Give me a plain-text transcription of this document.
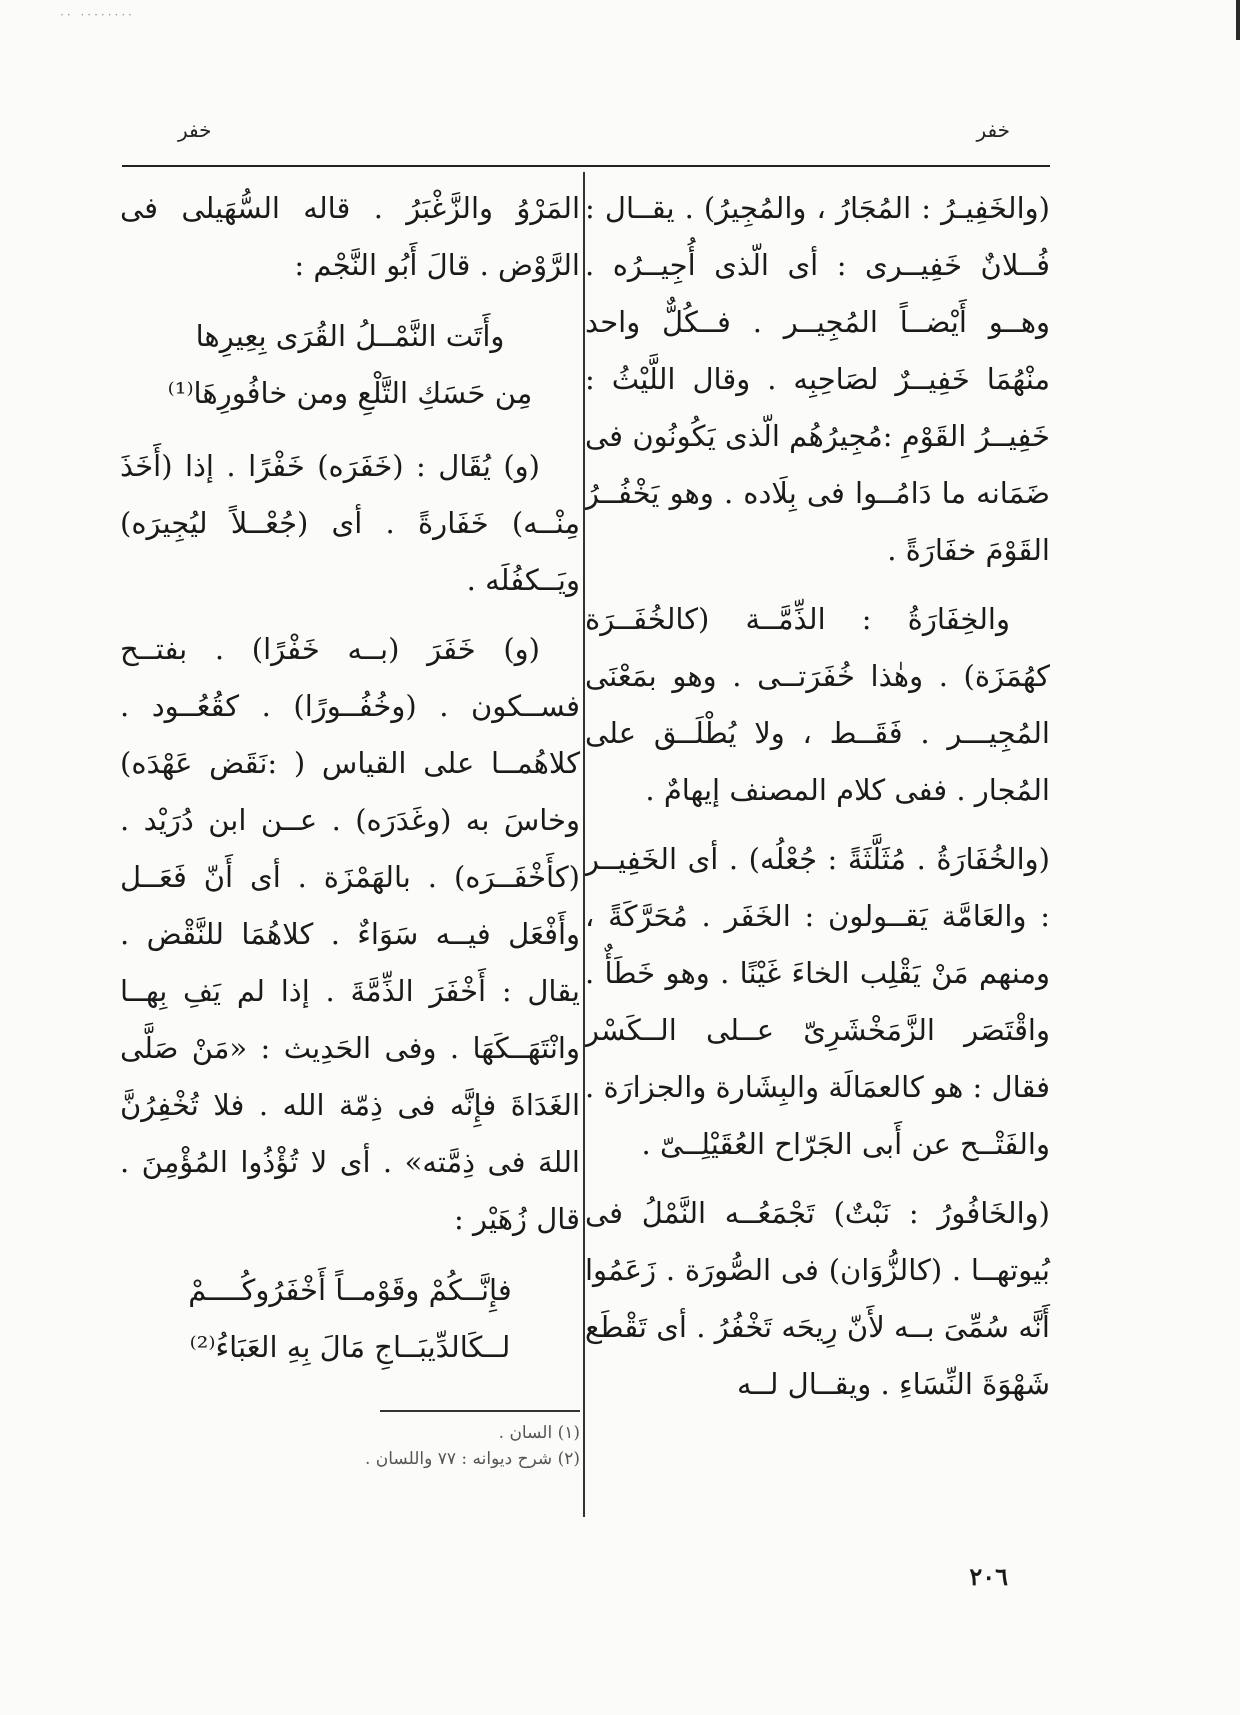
·· ········
خفر
خفر

(والخَفِيـرُ : المُجَارُ ، والمُجِيرُ) . يقــال : فُــلانٌ خَفِيــرى : أى الّذى أُجِيــرُه . وهــو أَيْضــاً المُجِيــر . فــكُلٌّ واحد منْهُمَا خَفِيــرٌ لصَاحِبِه . وقال اللَّيْثُ : خَفِيــرُ القَوْمِ :مُجِيرُهُم الّذى يَكُونُون فى ضَمَانه ما دَامُــوا فى بِلَاده . وهو يَخْفُــرُ القَوْمَ خفَارَةً .

والخِفَارَةُ : الذِّمَّــة (كالخُفَــرَة كهُمَزَة) . وهٰذا خُفَرَتــى . وهو بمَعْنَى المُجِيـــر . فَقَــط ، ولا يُطْلَــق على المُجار . ففى كلام المصنف إيهامٌ .

(والخُفَارَةُ . مُثَلَّثَةً : جُعْلُه) . أى الخَفِيــر : والعَامَّة يَقــولون : الخَفَر . مُحَرَّكَةً ، ومنهم مَنْ يَقْلِب الخاءَ غَيْنًا . وهو خَطَأٌ . واقْتَصَر الزَّمَخْشَرِىّ عــلى الــكَسْر فقال : هو كالعمَالَة والبِشَارة والجزارَة . والفَتْــح عن أَبى الجَرّاح العُقَيْلِــىّ .

(والخَافُورُ : نَبْتٌ) تَجْمَعُــه النَّمْلُ فى بُيوتهــا . (كالزُّوَان) فى الصُّورَة . زَعَمُوا أَنَّه سُمِّىَ بــه لأَنّ رِيحَه تَخْفُرُ . أى تَقْطَع شَهْوَةَ النِّسَاءِ . ويقــال لــه

المَرْوُ والزَّغْبَرُ . قاله السُّهَيلى فى الرَّوْض . قالَ أَبُو النَّجْم :

وأَتَت النَّمْــلُ القُرَى بِعِيرِها
مِن حَسَكِ التَّلْعِ ومن خافُورِهَا⁽¹⁾

(و) يُقَال : (خَفَرَه) خَفْرًا . إذا (أَخَذَ مِنْــه) خَفَارةً . أى (جُعْــلاً ليُجِيرَه) ويَــكفُلَه .

(و) خَفَرَ (بــه خَفْرًا) . بفتــح فســكون . (وخُفُــورًا) . كقُعُــود . كلاهُمــا على القياس ( :نَقَض عَهْدَه) وخاسَ به (وغَدَرَه) . عــن ابن دُرَيْد . (كأَخْفَــرَه) . بالهَمْزَة . أى أَنّ فَعَــل وأَفْعَل فيــه سَوَاءٌ . كلاهُمَا للنَّقْض . يقال : أَخْفَرَ الذِّمَّةَ . إذا لم يَفِ بِهــا وانْتَهَــكَهَا . وفى الحَدِيث : «مَنْ صَلَّى الغَدَاةَ فإِنَّه فى ذِمّة الله . فلا تُخْفِرُنَّ اللهَ فى ذِمَّته» . أى لا تُؤْذُوا المُؤْمِنَ . قال زُهَيْر :

فإِنَّــكُمْ وقَوْمــاً أَخْفَرُوكُــــمْ
لــكَالدِّيبَــاجِ مَالَ بِهِ العَبَاءُ⁽²⁾
(١) السان .
(٢) شرح ديوانه : ٧٧ واللسان .
٢٠٦
